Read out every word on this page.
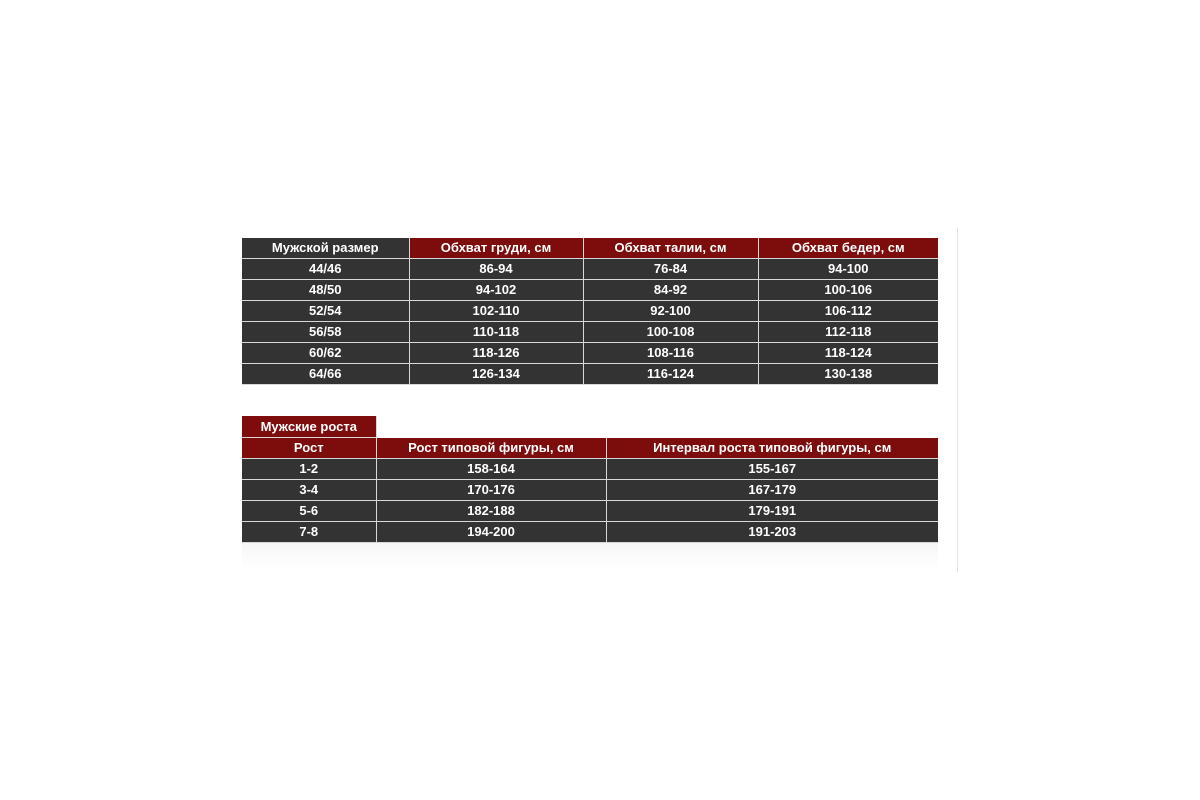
Мужской размер	Обхват груди, см	Обхват талии, см	Обхват бедер, см
44/46	86-94	76-84	94-100
48/50	94-102	84-92	100-106
52/54	102-110	92-100	106-112
56/58	110-118	100-108	112-118
60/62	118-126	108-116	118-124
64/66	126-134	116-124	130-138
Мужские роста		
Рост	Рост типовой фигуры, см	Интервал роста типовой фигуры, см
1-2	158-164	155-167
3-4	170-176	167-179
5-6	182-188	179-191
7-8	194-200	191-203
